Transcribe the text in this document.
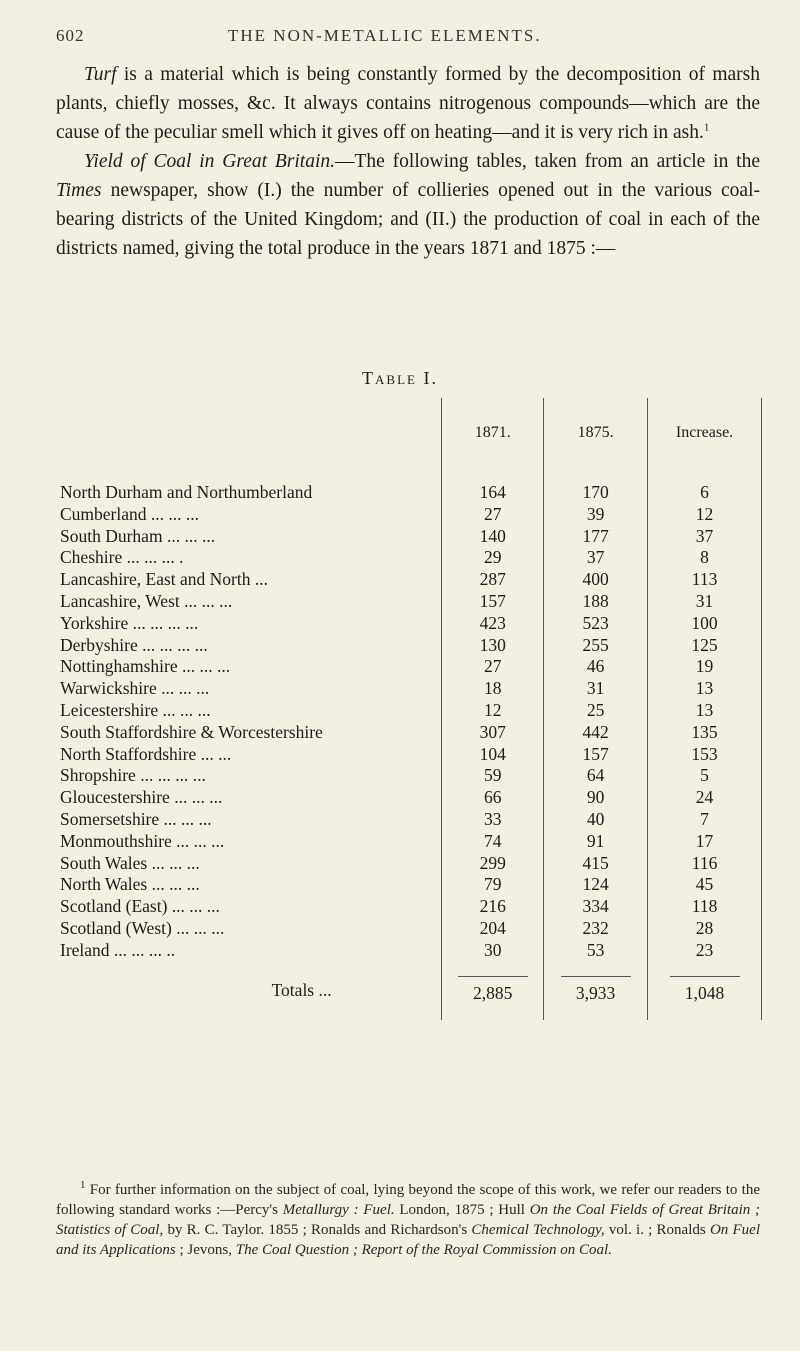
602	THE NON-METALLIC ELEMENTS.

Turf is a material which is being constantly formed by the decomposition of marsh plants, chiefly mosses, &c. It always contains nitrogenous compounds—which are the cause of the peculiar smell which it gives off on heating—and it is very rich in ash.$^1$

Yield of Coal in Great Britain.—The following tables, taken from an article in the Times newspaper, show (I.) the number of collieries opened out in the various coal-bearing districts of the United Kingdom; and (II.) the production of coal in each of the districts named, giving the total produce in the years 1871 and 1875 :—

Table I.
	1871.	1875.	Increase.

North Durham and Northumberland	164	170	6
Cumberland ... ... ...	27	39	12
South Durham ... ... ...	140	177	37
Cheshire ... ... ... .	29	37	8
Lancashire, East and North ...	287	400	113
Lancashire, West ... ... ...	157	188	31
Yorkshire ... ... ... ...	423	523	100
Derbyshire ... ... ... ...	130	255	125
Nottinghamshire ... ... ...	27	46	19
Warwickshire ... ... ...	18	31	13
Leicestershire ... ... ...	12	25	13
South Staffordshire & Worcestershire	307	442	135
North Staffordshire ... ...	104	157	153
Shropshire ... ... ... ...	59	64	5
Gloucestershire ... ... ...	66	90	24
Somersetshire ... ... ...	33	40	7
Monmouthshire ... ... ...	74	91	17
South Wales ... ... ...	299	415	116
North Wales ... ... ...	79	124	45
Scotland (East) ... ... ...	216	334	118
Scotland (West) ... ... ...	204	232	28
Ireland ... ... ... ..	30	53	23
Totals ...	2,885	3,933	1,048

$^1$ For further information on the subject of coal, lying beyond the scope of this work, we refer our readers to the following standard works :—Percy's Metallurgy : Fuel. London, 1875 ; Hull On the Coal Fields of Great Britain ; Statistics of Coal, by R. C. Taylor. 1855 ; Ronalds and Richardson's Chemical Technology, vol. i. ; Ronalds On Fuel and its Applications ; Jevons, The Coal Question ; Report of the Royal Commission on Coal.
